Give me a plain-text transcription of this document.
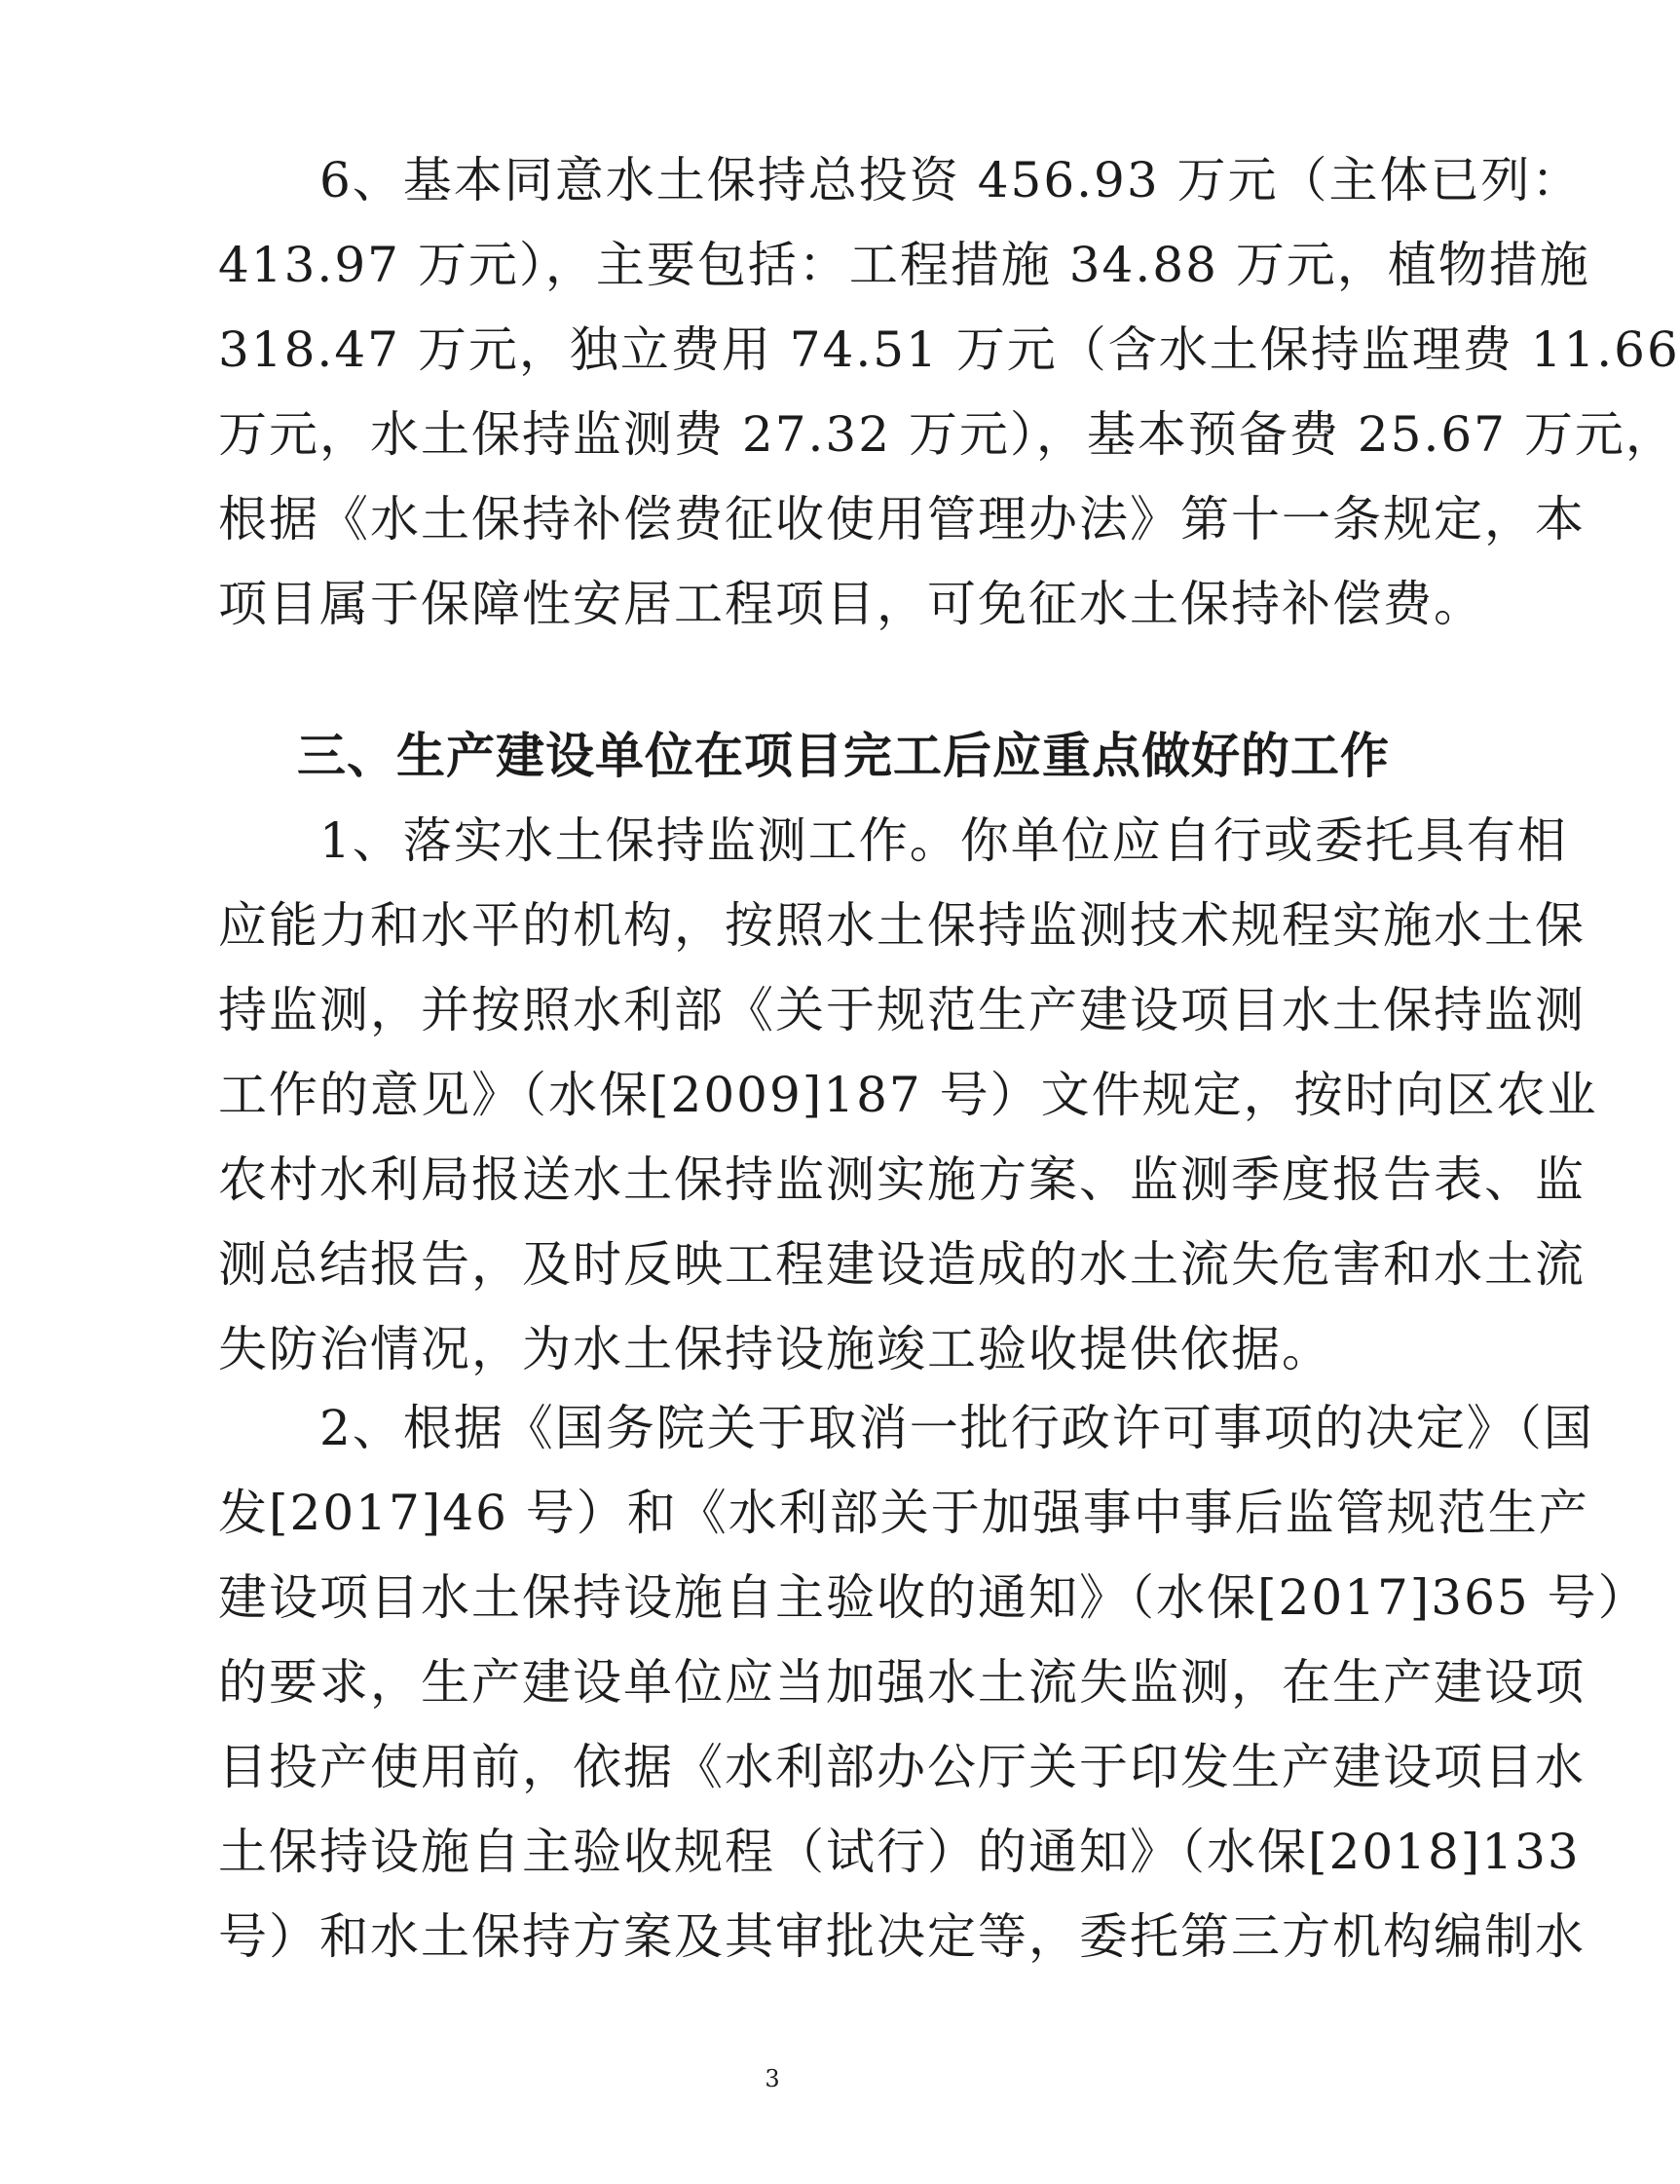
　　6、基本同意水土保持总投资 456.93 万元（主体已列：
413.97 万元），主要包括：工程措施 34.88 万元，植物措施
318.47 万元，独立费用 74.51 万元（含水土保持监理费 11.66
万元，水土保持监测费 27.32 万元），基本预备费 25.67 万元，
根据《水土保持补偿费征收使用管理办法》第十一条规定，本
项目属于保障性安居工程项目，可免征水土保持补偿费。
三、生产建设单位在项目完工后应重点做好的工作
　　1、落实水土保持监测工作。你单位应自行或委托具有相
应能力和水平的机构，按照水土保持监测技术规程实施水土保
持监测，并按照水利部《关于规范生产建设项目水土保持监测
工作的意见》（水保[2009]187 号）文件规定，按时向区农业
农村水利局报送水土保持监测实施方案、监测季度报告表、监
测总结报告，及时反映工程建设造成的水土流失危害和水土流
失防治情况，为水土保持设施竣工验收提供依据。
　　2、根据《国务院关于取消一批行政许可事项的决定》（国
发[2017]46 号）和《水利部关于加强事中事后监管规范生产
建设项目水土保持设施自主验收的通知》（水保[2017]365 号）
的要求，生产建设单位应当加强水土流失监测，在生产建设项
目投产使用前，依据《水利部办公厅关于印发生产建设项目水
土保持设施自主验收规程（试行）的通知》（水保[2018]133
号）和水土保持方案及其审批决定等，委托第三方机构编制水
3
